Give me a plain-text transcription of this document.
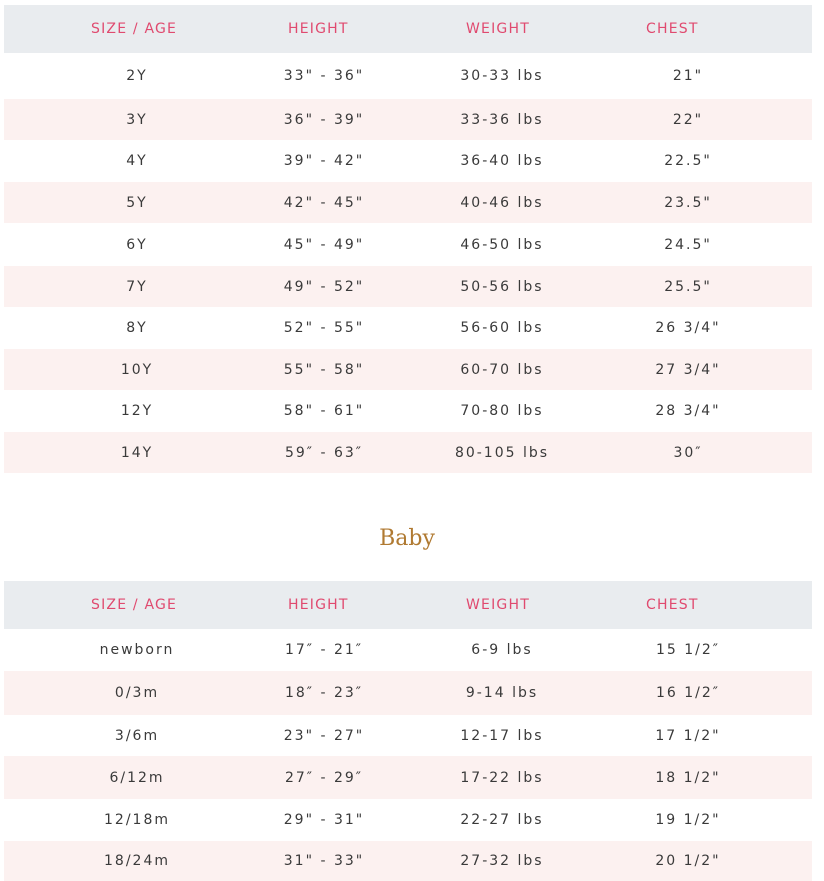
SIZE / AGE	HEIGHT	WEIGHT	CHEST
2Y	33" - 36"	30-33 lbs	21"
3Y	36" - 39"	33-36 lbs	22"
4Y	39" - 42"	36-40 lbs	22.5"
5Y	42" - 45"	40-46 lbs	23.5"
6Y	45" - 49"	46-50 lbs	24.5"
7Y	49" - 52"	50-56 lbs	25.5"
8Y	52" - 55"	56-60 lbs	26 3/4"
10Y	55" - 58"	60-70 lbs	27 3/4"
12Y	58" - 61"	70-80 lbs	28 3/4"
14Y	59″ - 63″	80-105 lbs	30″
Baby
SIZE / AGE	HEIGHT	WEIGHT	CHEST
newborn	17″ - 21″	6-9 lbs	15 1/2″
0/3m	18″ - 23″	9-14 lbs	16 1/2″
3/6m	23" - 27"	12-17 lbs	17 1/2"
6/12m	27″ - 29″	17-22 lbs	18 1/2"
12/18m	29" - 31"	22-27 lbs	19 1/2"
18/24m	31" - 33"	27-32 lbs	20 1/2"
